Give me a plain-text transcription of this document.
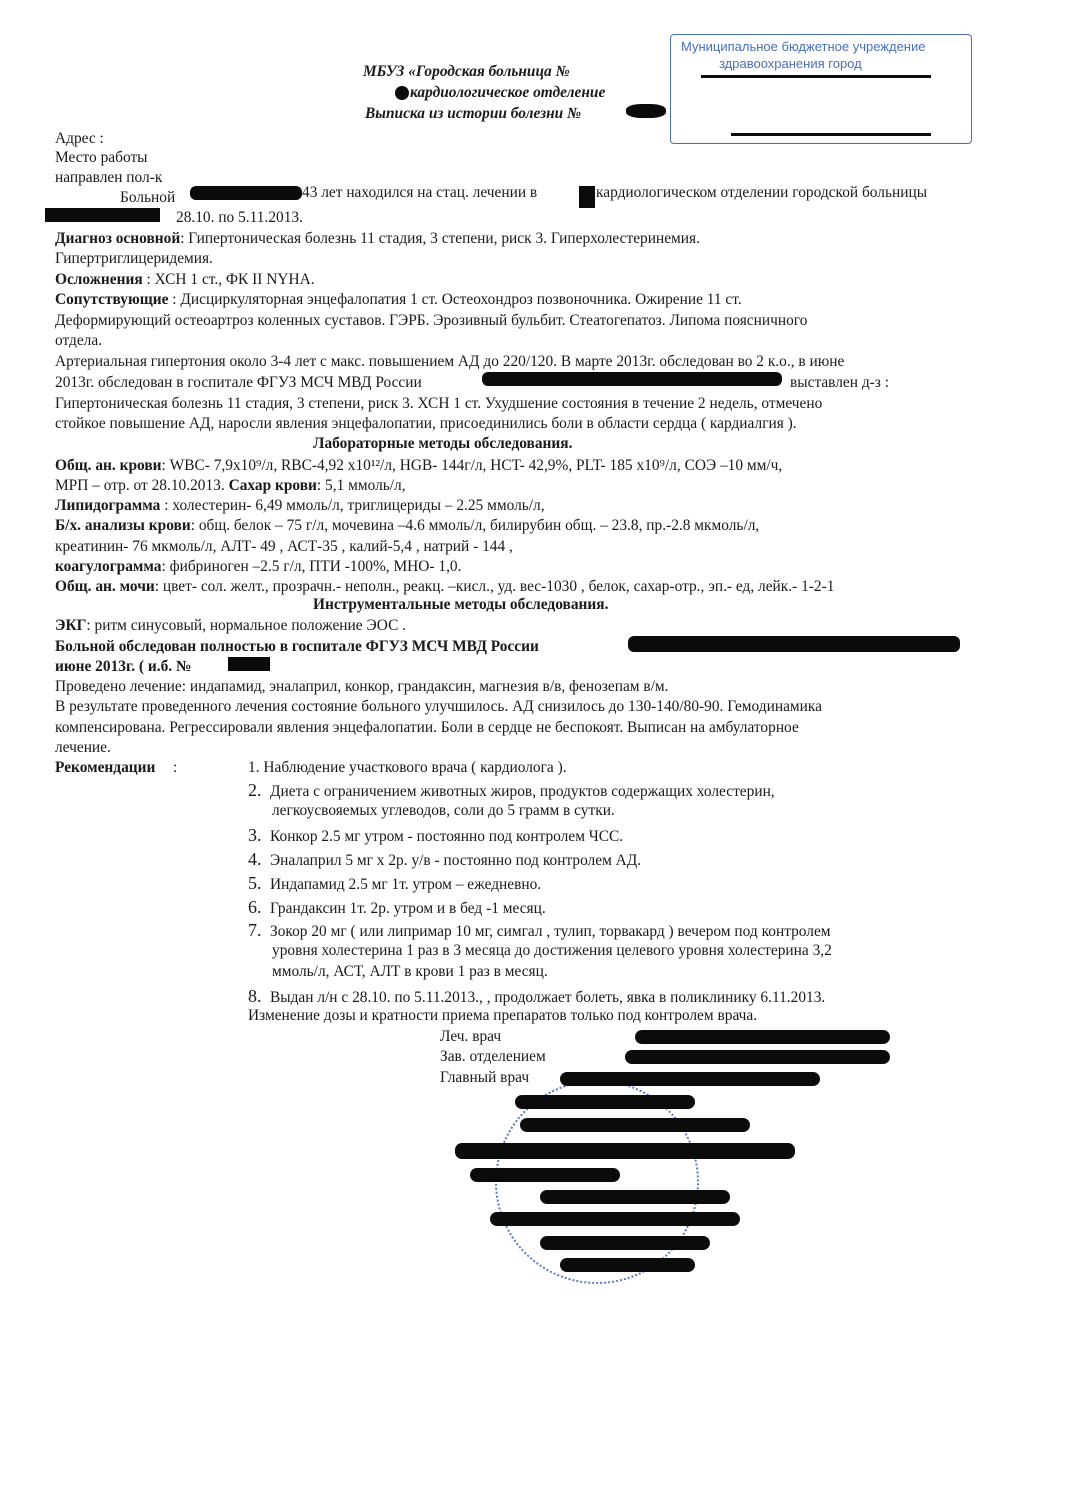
Муниципальное бюджетное учреждение
здравоохранения город
МБУЗ «Городская больница №
кардиологическое отделение
Выписка из истории болезни №
Адрес :
Место работы
направлен пол-к
Больной	43 лет находился на стац. лечении в	кардиологическом отделении городской больницы
28.10. по 5.11.2013.
Диагноз основной: Гипертоническая болезнь 11 стадия, 3 степени, риск 3. Гиперхолестеринемия.
Гипертриглицеридемия.
Осложнения : ХСН 1 ст., ФК II NYHA.
Сопутствующие : Дисциркуляторная энцефалопатия 1 ст. Остеохондроз позвоночника. Ожирение 11 ст.
Деформирующий остеоартроз коленных суставов. ГЭРБ. Эрозивный бульбит. Стеатогепатоз. Липома поясничного
отдела.
Артериальная гипертония около 3-4 лет с макс. повышением АД до 220/120. В марте 2013г. обследован во 2 к.о., в июне
2013г. обследован в госпитале ФГУЗ МСЧ МВД России	выставлен д-з :
Гипертоническая болезнь 11 стадия, 3 степени, риск 3. ХСН 1 ст. Ухудшение состояния в течение 2 недель, отмечено
стойкое повышение АД, наросли явления энцефалопатии, присоединились боли в области сердца ( кардиалгия ).
Лабораторные методы обследования.
Общ. ан. крови: WBC- 7,9х10⁹/л, RBC-4,92 х10¹²/л, HGB- 144г/л, HCT- 42,9%, PLT- 185 х10⁹/л, СОЭ –10 мм/ч,
МРП – отр. от 28.10.2013. Сахар крови: 5,1 ммоль/л,
Липидограмма : холестерин- 6,49 ммоль/л, триглицериды – 2.25 ммоль/л,
Б/х. анализы крови: общ. белок – 75 г/л, мочевина –4.6 ммоль/л, билирубин общ. – 23.8, пр.-2.8 мкмоль/л,
креатинин- 76 мкмоль/л, АЛТ- 49 , АСТ-35 , калий-5,4 , натрий - 144 ,
коагулограмма: фибриноген –2.5 г/л, ПТИ -100%, МНО- 1,0.
Общ. ан. мочи: цвет- сол. желт., прозрачн.- неполн., реакц. –кисл., уд. вес-1030 , белок, сахар-отр., эп.- ед, лейк.- 1-2-1
Инструментальные методы обследования.
ЭКГ: ритм синусовый, нормальное положение ЭОС .
Больной обследован полностью в госпитале ФГУЗ МСЧ МВД России
июне 2013г. ( и.б. №
Проведено лечение: индапамид, эналаприл, конкор, грандаксин, магнезия в/в, фенозепам в/м.
В результате проведенного лечения состояние больного улучшилось. АД снизилось до 130-140/80-90. Гемодинамика
компенсирована. Регрессировали явления энцефалопатии. Боли в сердце не беспокоят. Выписан на амбулаторное
лечение.
Рекомендации :	1. Наблюдение участкового врача ( кардиолога ).
2. Диета с ограничением животных жиров, продуктов содержащих холестерин,
легкоусвояемых углеводов, соли до 5 грамм в сутки.
3. Конкор 2.5 мг утром - постоянно под контролем ЧСС.
4. Эналаприл 5 мг х 2р. у/в - постоянно под контролем АД.
5. Индапамид 2.5 мг 1т. утром – ежедневно.
6. Грандаксин 1т. 2р. утром и в бед -1 месяц.
7. Зокор 20 мг ( или липримар 10 мг, симгал , тулип, торвакард ) вечером под контролем
уровня холестерина 1 раз в 3 месяца до достижения целевого уровня холестерина 3,2
ммоль/л, АСТ, АЛТ в крови 1 раз в месяц.
8. Выдан л/н с 28.10. по 5.11.2013., , продолжает болеть, явка в поликлинику 6.11.2013.
Изменение дозы и кратности приема препаратов только под контролем врача.
Леч. врач
Зав. отделением
Главный врач
